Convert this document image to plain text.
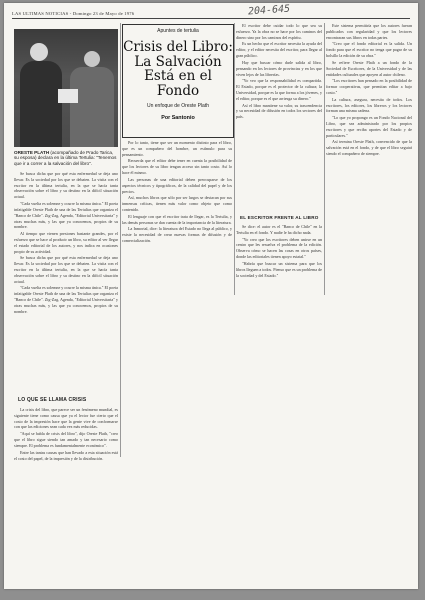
LAS ULTIMAS NOTICIAS - Domingo 23 de Mayo de 1976	204-645
ORESTE PLATH (acompañado de Prado Tarica, su esposa) declara en la última Tertulia: "Tenemos que ir a correr a la salvación del libro".
Apuntes de tertulia
Crisis del Libro: La Salvación Está en el Fondo
Un enfoque de Oreste Plath
Por Santonio

Se busca dicha que por qué esta enfermedad se deja uno llevar. Es la sociedad por los que se debaten. La visita con el escritor en la última tertulia, en la que se hacía tanta observación sobre el libro y su destino en la difícil situación actual.

"Cada vuelta es solemne y ocurre la misma única." El poeta infatigable Oreste Plath de una de las Tertulias que organiza el "Banco de Chile". Zig-Zag, Agenda, "Editorial Universitaria" y otras muchas más, y las que ya conocemos, propios de su nombre.

Al tiempo que vienen presiones bastante grandes, por el esfuerzo que se hace al producir un libro, su editor al ver llegar el estado editorial de los autores, y nos indica en ocasiones propio de su actividad.

Se busca dicha que por qué esta enfermedad se deja uno llevar. Es la sociedad por los que se debaten. La visita con el escritor en la última tertulia, en la que se hacía tanta observación sobre el libro y su destino en la difícil situación actual.

"Cada vuelta es solemne y ocurre la misma única." El poeta infatigable Oreste Plath de una de las Tertulias que organiza el "Banco de Chile". Zig-Zag, Agenda, "Editorial Universitaria" y otras muchas más, y las que ya conocemos, propios de su nombre.

LO QUE SE LLAMA CRISIS

La crisis del libro, que parece ser un fenómeno mundial, es siguiente tiene como causa que ya el lector fue cierto que el costo de la impresión hace que la gente vive de conformarse con que las ediciones sean cada vez más reducidas.

"Aquí se habla de crisis del libro", dijo Oreste Plath, "creo que el libro sigue siendo tan amado y tan necesario como siempre. El problema es fundamentalmente económico".

Entre las tantas causas que han llevado a esta situación está el costo del papel, de la impresión y de la distribución.

Por lo tanto, tiene que ser un momento distinto para el libro, que es un compañero del hombre, un estímulo para su pensamiento.

Recuerda que el editor debe tener en cuenta la posibilidad de que los lectores de su libro tengan acceso sin tanto costo. Así lo hace él mismo.

Las personas de una editorial deben preocuparse de los aspectos técnicos y tipográficos, de la calidad del papel y de los precios.

Así, muchos libros que sólo por ser largos se destacan por sus inmensas críticas, tienen más valor como objeto que como contenido.

El lenguaje con que el escritor trata de llegar, es la Tertulia, y las demás personas se dan cuenta de la importancia de la literatura.

La Inmortal, dice: la literatura del Estado no llega al público, y existe la necesidad de crear nuevas formas de difusión y de comercialización.

El escritor debe cuidar todo lo que sea su esfuerzo. Ya la obra no se hace por los caminos del dinero sino por los caminos del espíritu.

Es un hecho que el escritor necesita la ayuda del editor, y el editor necesita del escritor, para llegar al gran público.

Hay que buscar cómo darle salida al libro, pensando en los lectores de provincias y en los que viven lejos de las librerías.

"Yo veo que la responsabilidad es compartida. El Estado, porque es el protector de la cultura; la Universidad, porque es la que forma a los jóvenes, y el editor, porque es el que arriesga su dinero."

Así el libro mantiene su valor, su trascendencia y su necesidad de difusión en todos los sectores del país.

EL ESCRITOR FRENTE AL LIBRO

Se dice: el autor es el "Banco de Chile" en la Tertulia en el fondo. Y nadie le ha dicho nada.

"Yo creo que los escritores deben unirse en un centro que les resuelva el problema de la edición. Observa cómo se hacen las cosas en otros países, donde las editoriales tienen apoyo estatal."

"Habría que buscar un sistema para que los libros lleguen a todos. Pienso que es un problema de la sociedad y del Estado."

Este sistema permitiría que los autores fueran publicados con regularidad y que los lectores encontraran sus libros en todas partes.

"Creo que el fondo editorial es la salida. Un fondo para que el escritor no tenga que pagar de su bolsillo la edición de su obra."

Se refiere Oreste Plath a un fondo de la Sociedad de Escritores, de la Universidad y de las entidades culturales que apoyen al autor chileno.

"Los escritores han pensado en la posibilidad de formar cooperativas, que permitan editar a bajo costo."

La cultura, asegura, necesita de todos. Los escritores, los editores, los libreros y los lectores forman una misma cadena.

"Lo que yo propongo es un Fondo Nacional del Libro, que sea administrado por los propios escritores y que reciba aportes del Estado y de particulares."

Así termina Oreste Plath, convencido de que la salvación está en el fondo, y de que el libro seguirá siendo el compañero de siempre.
